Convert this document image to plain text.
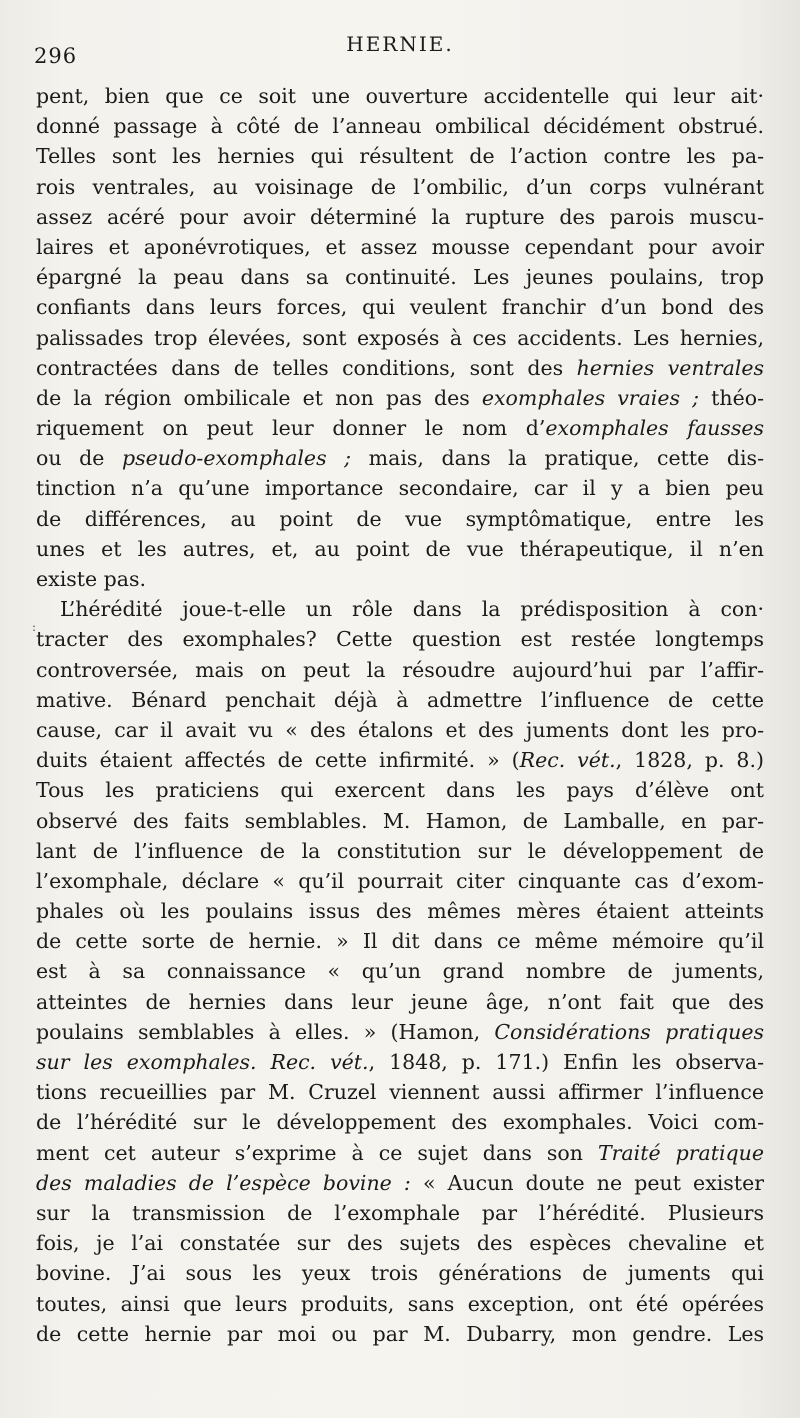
296	HERNIE.
:
pent, bien que ce soit une ouverture accidentelle qui leur ait·
donné passage à côté de l’anneau ombilical décidément obstrué.
Telles sont les hernies qui résultent de l’action contre les pa-
rois ventrales, au voisinage de l’ombilic, d’un corps vulnérant
assez acéré pour avoir déterminé la rupture des parois muscu-
laires et aponévrotiques, et assez mousse cependant pour avoir
épargné la peau dans sa continuité. Les jeunes poulains, trop
confiants dans leurs forces, qui veulent franchir d’un bond des
palissades trop élevées, sont exposés à ces accidents. Les hernies,
contractées dans de telles conditions, sont des hernies ventrales
de la région ombilicale et non pas des exomphales vraies ; théo-
riquement on peut leur donner le nom d’exomphales fausses
ou de pseudo-exomphales ; mais, dans la pratique, cette dis-
tinction n’a qu’une importance secondaire, car il y a bien peu
de différences, au point de vue symptômatique, entre les
unes et les autres, et, au point de vue thérapeutique, il n’en
existe pas.
L’hérédité joue-t-elle un rôle dans la prédisposition à con·
tracter des exomphales? Cette question est restée longtemps
controversée, mais on peut la résoudre aujourd’hui par l’affir-
mative. Bénard penchait déjà à admettre l’influence de cette
cause, car il avait vu « des étalons et des juments dont les pro-
duits étaient affectés de cette infirmité. » (Rec. vét., 1828, p. 8.)
Tous les praticiens qui exercent dans les pays d’élève ont
observé des faits semblables. M. Hamon, de Lamballe, en par-
lant de l’influence de la constitution sur le développement de
l’exomphale, déclare « qu’il pourrait citer cinquante cas d’exom-
phales où les poulains issus des mêmes mères étaient atteints
de cette sorte de hernie. » Il dit dans ce même mémoire qu’il
est à sa connaissance « qu’un grand nombre de juments,
atteintes de hernies dans leur jeune âge, n’ont fait que des
poulains semblables à elles. » (Hamon, Considérations pratiques
sur les exomphales. Rec. vét., 1848, p. 171.) Enfin les observa-
tions recueillies par M. Cruzel viennent aussi affirmer l’influence
de l’hérédité sur le développement des exomphales. Voici com-
ment cet auteur s’exprime à ce sujet dans son Traité pratique
des maladies de l’espèce bovine : « Aucun doute ne peut exister
sur la transmission de l’exomphale par l’hérédité. Plusieurs
fois, je l’ai constatée sur des sujets des espèces chevaline et
bovine. J’ai sous les yeux trois générations de juments qui
toutes, ainsi que leurs produits, sans exception, ont été opérées
de cette hernie par moi ou par M. Dubarry, mon gendre. Les
